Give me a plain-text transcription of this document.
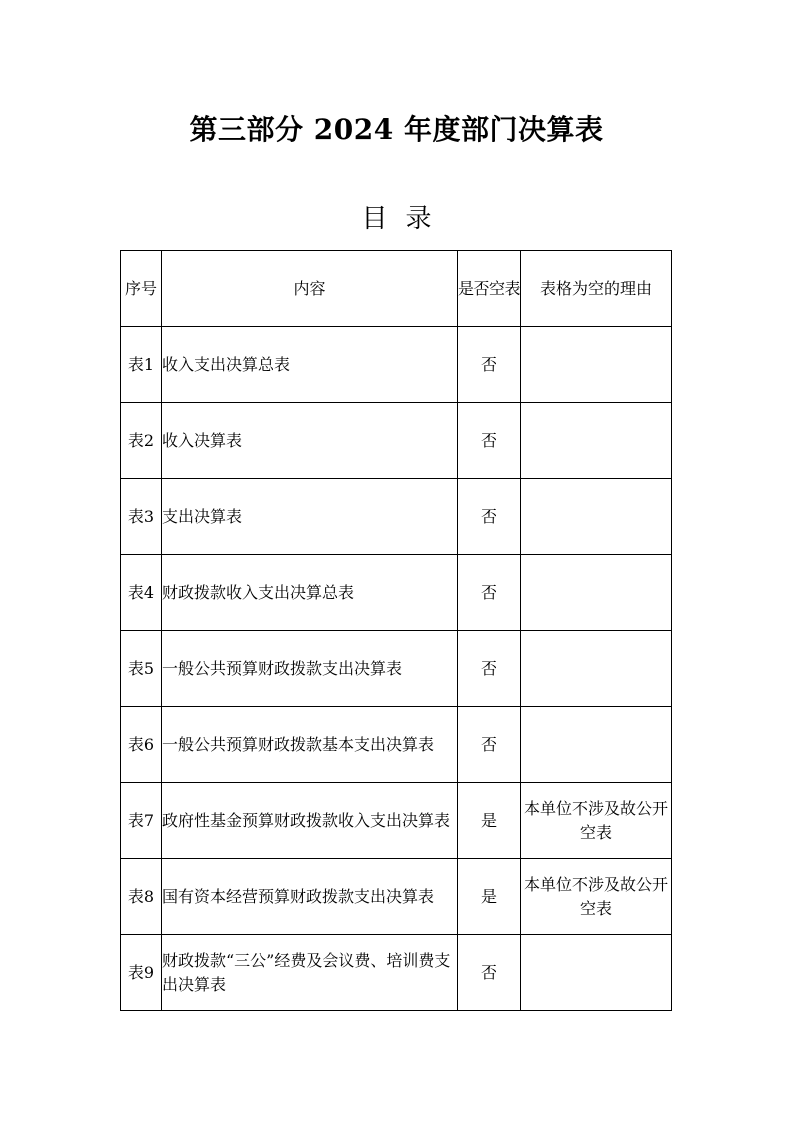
第三部分 2024 年度部门决算表
目录
序号	内容	是否空表	表格为空的理由
表1	收入支出决算总表	否	
表2	收入决算表	否	
表3	支出决算表	否	
表4	财政拨款收入支出决算总表	否	
表5	一般公共预算财政拨款支出决算表	否	
表6	一般公共预算财政拨款基本支出决算表	否	
表7	政府性基金预算财政拨款收入支出决算表	是	本单位不涉及故公开空表
表8	国有资本经营预算财政拨款支出决算表	是	本单位不涉及故公开空表
表9	财政拨款“三公”经费及会议费、培训费支出决算表	否	
